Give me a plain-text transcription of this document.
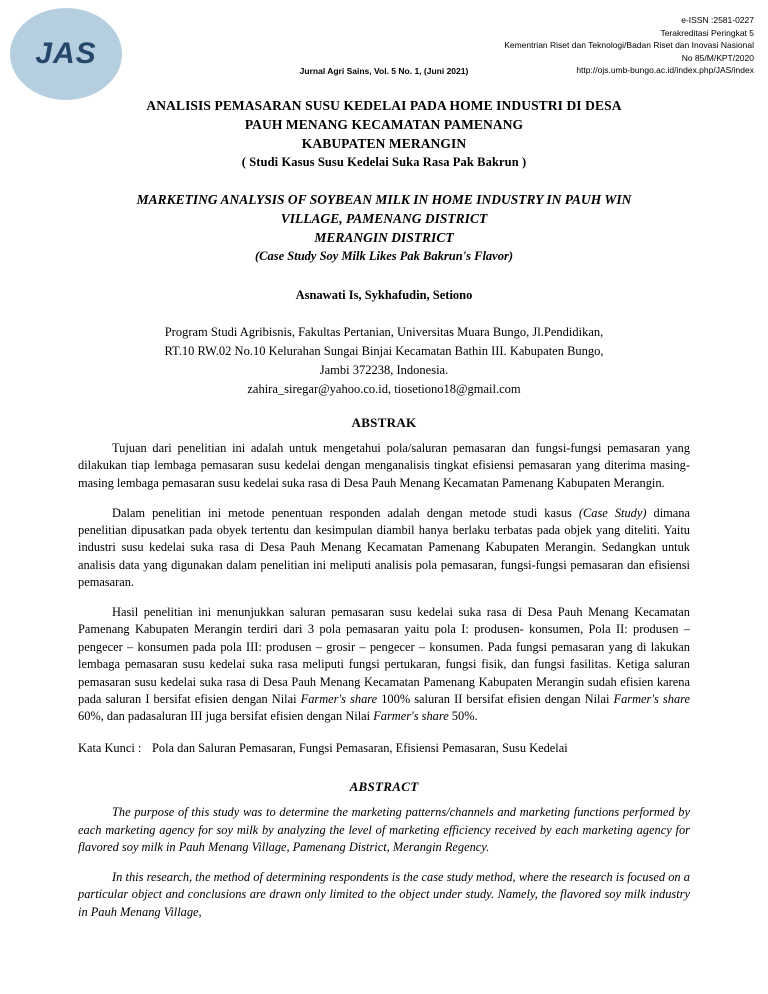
JAS
e-ISSN :2581-0227
Terakreditasi Peringkat 5
Kementrian Riset dan Teknologi/Badan Riset dan Inovasi Nasional
No 85/M/KPT/2020
http://ojs.umb-bungo.ac.id/index.php/JAS/index
Jurnal Agri Sains, Vol. 5 No. 1, (Juni 2021)
ANALISIS PEMASARAN SUSU KEDELAI PADA HOME INDUSTRI DI DESA
PAUH MENANG KECAMATAN PAMENANG
KABUPATEN MERANGIN
( Studi Kasus Susu Kedelai Suka Rasa Pak Bakrun )
MARKETING ANALYSIS OF SOYBEAN MILK IN HOME INDUSTRY IN PAUH WIN
VILLAGE, PAMENANG DISTRICT
MERANGIN DISTRICT
(Case Study Soy Milk Likes Pak Bakrun's Flavor)
Asnawati Is, Sykhafudin, Setiono
Program Studi Agribisnis, Fakultas Pertanian, Universitas Muara Bungo, Jl.Pendidikan,
RT.10 RW.02 No.10 Kelurahan Sungai Binjai Kecamatan Bathin III. Kabupaten Bungo,
Jambi 372238, Indonesia.
zahira_siregar@yahoo.co.id, tiosetiono18@gmail.com
ABSTRAK

Tujuan dari penelitian ini adalah untuk mengetahui pola/saluran pemasaran dan fungsi-fungsi pemasaran yang dilakukan tiap lembaga pemasaran susu kedelai dengan menganalisis tingkat efisiensi pemasaran yang diterima masing-masing lembaga pemasaran susu kedelai suka rasa di Desa Pauh Menang Kecamatan Pamenang Kabupaten Merangin.

Dalam penelitian ini metode penentuan responden adalah dengan metode studi kasus (Case Study) dimana penelitian dipusatkan pada obyek tertentu dan kesimpulan diambil hanya berlaku terbatas pada objek yang diteliti. Yaitu industri susu kedelai suka rasa di Desa Pauh Menang Kecamatan Pamenang Kabupaten Merangin. Sedangkan untuk analisis data yang digunakan dalam penelitian ini meliputi analisis pola pemasaran, fungsi-fungsi pemasaran dan efisiensi pemasaran.

Hasil penelitian ini menunjukkan saluran pemasaran susu kedelai suka rasa di Desa Pauh Menang Kecamatan Pamenang Kabupaten Merangin terdiri dari 3 pola pemasaran yaitu pola I: produsen- konsumen, Pola II: produsen – pengecer – konsumen pada pola III: produsen – grosir – pengecer – konsumen. Pada fungsi pemasaran yang di lakukan lembaga pemasaran susu kedelai suka rasa meliputi fungsi pertukaran, fungsi fisik, dan fungsi fasilitas. Ketiga saluran pemasaran susu kedelai suka rasa di Desa Pauh Menang Kecamatan Pamenang Kabupaten Merangin sudah efisien karena pada saluran I bersifat efisien dengan Nilai Farmer's share 100% saluran II bersifat efisien dengan Nilai Farmer's share 60%, dan padasaluran III juga bersifat efisien dengan Nilai Farmer's share 50%.

Kata Kunci : Pola dan Saluran Pemasaran, Fungsi Pemasaran, Efisiensi Pemasaran, Susu Kedelai
ABSTRACT

The purpose of this study was to determine the marketing patterns/channels and marketing functions performed by each marketing agency for soy milk by analyzing the level of marketing efficiency received by each marketing agency for flavored soy milk in Pauh Menang Village, Pamenang District, Merangin Regency.

In this research, the method of determining respondents is the case study method, where the research is focused on a particular object and conclusions are drawn only limited to the object under study. Namely, the flavored soy milk industry in Pauh Menang Village,
